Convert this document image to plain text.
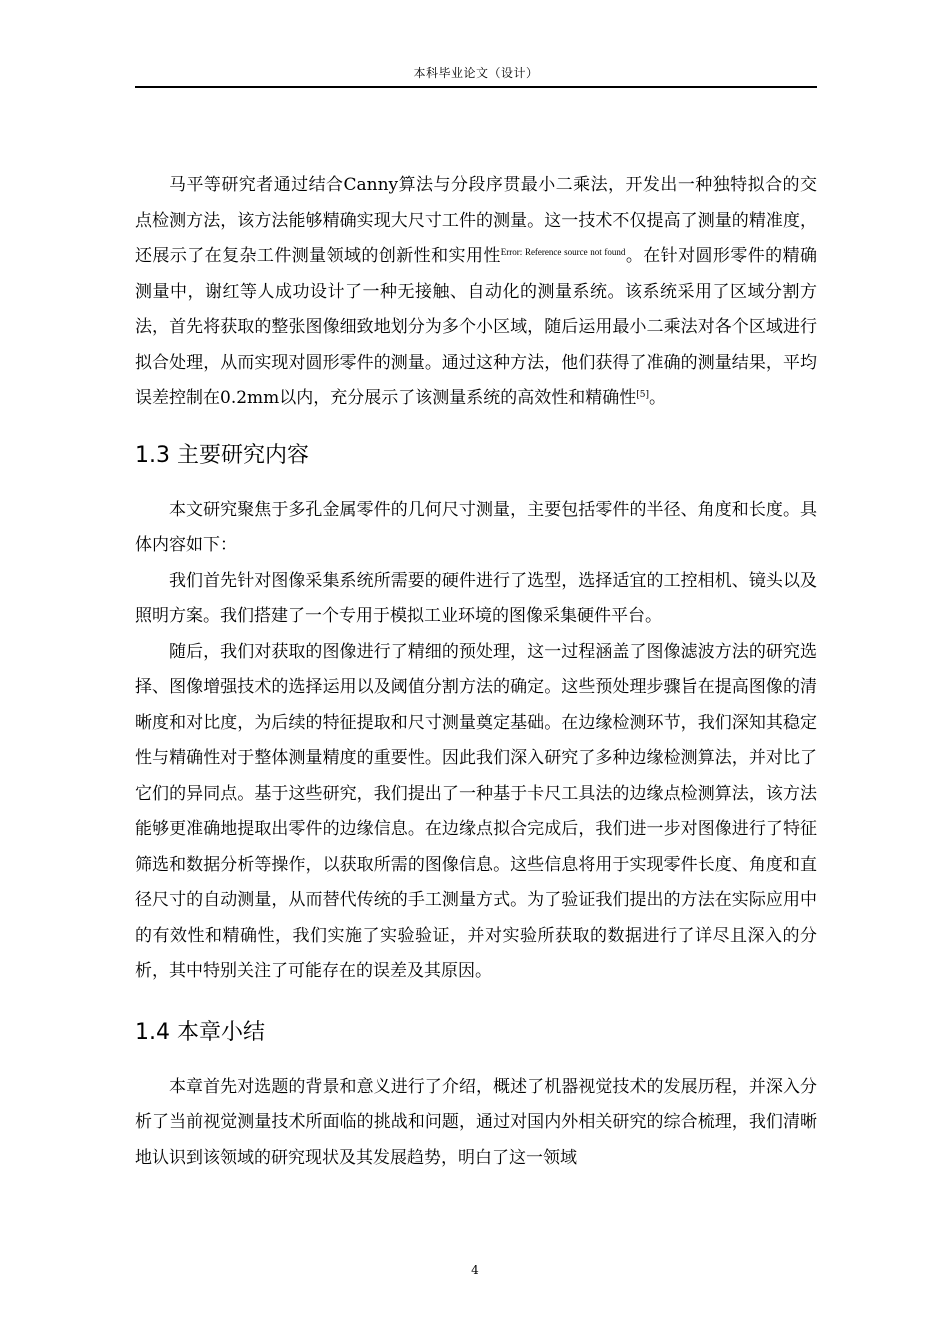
本科毕业论文（设计）

马平等研究者通过结合Canny算法与分段序贯最小二乘法，开发出一种独特拟合的交点检测方法，该方法能够精确实现大尺寸工件的测量。这一技术不仅提高了测量的精准度，还展示了在复杂工件测量领域的创新性和实用性$^{Error: Reference source not found}$。在针对圆形零件的精确测量中，谢红等人成功设计了一种无接触、自动化的测量系统。该系统采用了区域分割方法，首先将获取的整张图像细致地划分为多个小区域，随后运用最小二乘法对各个区域进行拟合处理，从而实现对圆形零件的测量。通过这种方法，他们获得了准确的测量结果，平均误差控制在0.2mm以内，充分展示了该测量系统的高效性和精确性[5]。

1.3 主要研究内容

本文研究聚焦于多孔金属零件的几何尺寸测量，主要包括零件的半径、角度和长度。具体内容如下：

我们首先针对图像采集系统所需要的硬件进行了选型，选择适宜的工控相机、镜头以及照明方案。我们搭建了一个专用于模拟工业环境的图像采集硬件平台。

随后，我们对获取的图像进行了精细的预处理，这一过程涵盖了图像滤波方法的研究选择、图像增强技术的选择运用以及阈值分割方法的确定。这些预处理步骤旨在提高图像的清晰度和对比度，为后续的特征提取和尺寸测量奠定基础。在边缘检测环节，我们深知其稳定性与精确性对于整体测量精度的重要性。因此我们深入研究了多种边缘检测算法，并对比了它们的异同点。基于这些研究，我们提出了一种基于卡尺工具法的边缘点检测算法，该方法能够更准确地提取出零件的边缘信息。在边缘点拟合完成后，我们进一步对图像进行了特征筛选和数据分析等操作，以获取所需的图像信息。这些信息将用于实现零件长度、角度和直径尺寸的自动测量，从而替代传统的手工测量方式。为了验证我们提出的方法在实际应用中的有效性和精确性，我们实施了实验验证，并对实验所获取的数据进行了详尽且深入的分析，其中特别关注了可能存在的误差及其原因。

1.4 本章小结

本章首先对选题的背景和意义进行了介绍，概述了机器视觉技术的发展历程，并深入分析了当前视觉测量技术所面临的挑战和问题，通过对国内外相关研究的综合梳理，我们清晰地认识到该领域的研究现状及其发展趋势，明白了这一领域

4
